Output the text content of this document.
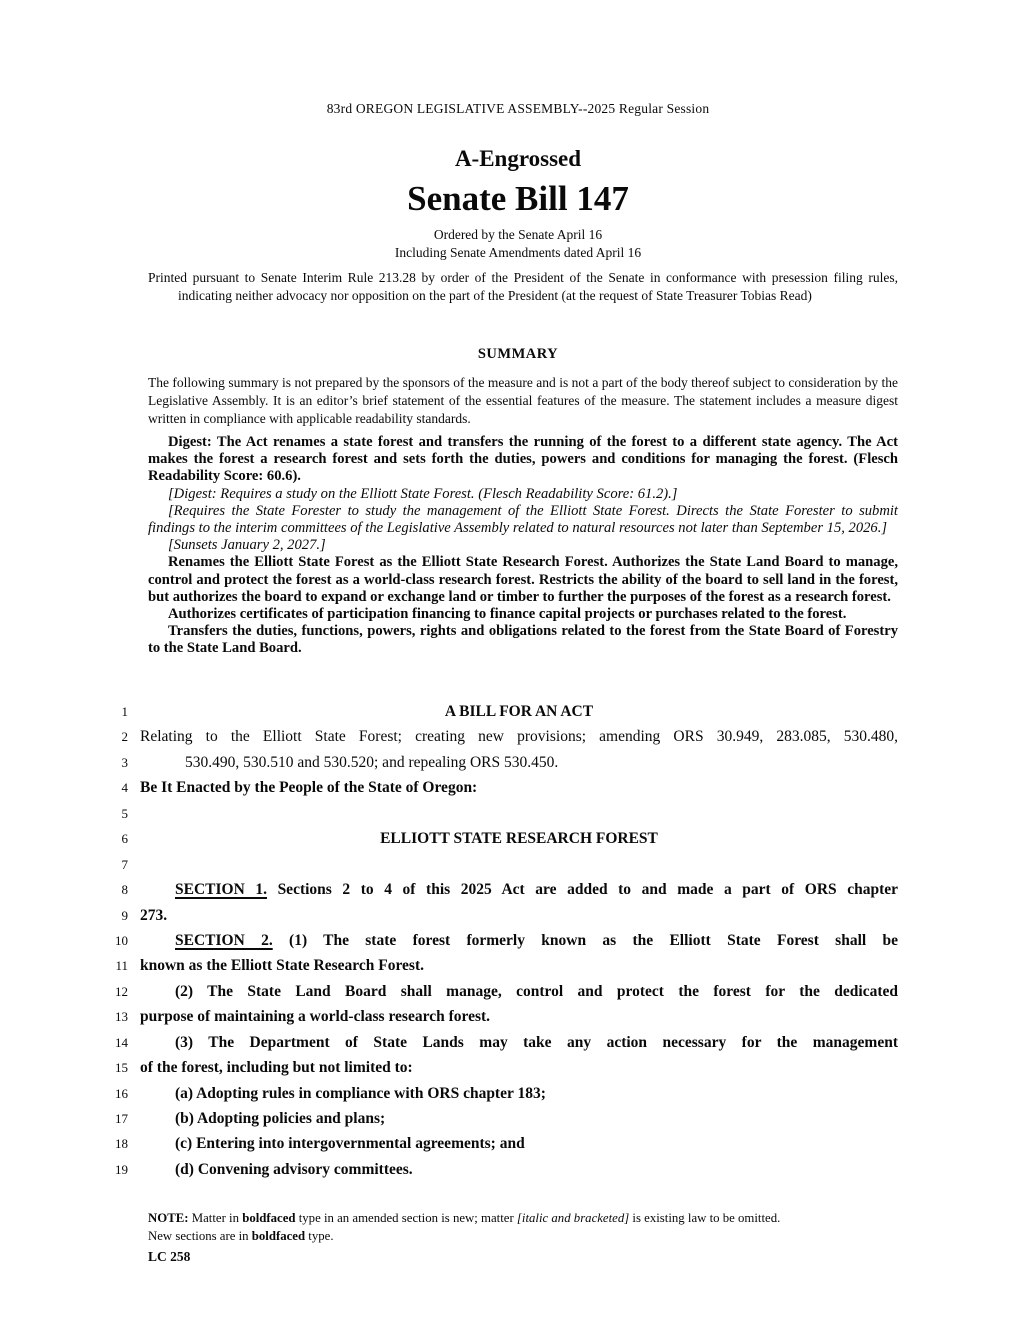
83rd OREGON LEGISLATIVE ASSEMBLY--2025 Regular Session
A-Engrossed
Senate Bill 147
Ordered by the Senate April 16
Including Senate Amendments dated April 16
Printed pursuant to Senate Interim Rule 213.28 by order of the President of the Senate in conformance with presession filing rules, indicating neither advocacy nor opposition on the part of the President (at the request of State Treasurer Tobias Read)
SUMMARY
The following summary is not prepared by the sponsors of the measure and is not a part of the body thereof subject to consideration by the Legislative Assembly. It is an editor’s brief statement of the essential features of the measure. The statement includes a measure digest written in compliance with applicable readability standards.

Digest: The Act renames a state forest and transfers the running of the forest to a different state agency. The Act makes the forest a research forest and sets forth the duties, powers and conditions for managing the forest. (Flesch Readability Score: 60.6).

[Digest: Requires a study on the Elliott State Forest. (Flesch Readability Score: 61.2).]

[Requires the State Forester to study the management of the Elliott State Forest. Directs the State Forester to submit findings to the interim committees of the Legislative Assembly related to natural resources not later than September 15, 2026.]

[Sunsets January 2, 2027.]

Renames the Elliott State Forest as the Elliott State Research Forest. Authorizes the State Land Board to manage, control and protect the forest as a world-class research forest. Restricts the ability of the board to sell land in the forest, but authorizes the board to expand or exchange land or timber to further the purposes of the forest as a research forest.

Authorizes certificates of participation financing to finance capital projects or purchases related to the forest.

Transfers the duties, functions, powers, rights and obligations related to the forest from the State Board of Forestry to the State Land Board.

1	A BILL FOR AN ACT
2 Relating to the Elliott State Forest; creating new provisions; amending ORS 30.949, 283.085, 530.480,
3	530.490, 530.510 and 530.520; and repealing ORS 530.450.
4 Be It Enacted by the People of the State of Oregon:
5
6	ELLIOTT STATE RESEARCH FOREST
7
8	SECTION 1. Sections 2 to 4 of this 2025 Act are added to and made a part of ORS chapter
9 273.
10	SECTION 2. (1) The state forest formerly known as the Elliott State Forest shall be
11 known as the Elliott State Research Forest.
12	(2) The State Land Board shall manage, control and protect the forest for the dedicated
13 purpose of maintaining a world-class research forest.
14	(3) The Department of State Lands may take any action necessary for the management
15 of the forest, including but not limited to:
16	(a) Adopting rules in compliance with ORS chapter 183;
17	(b) Adopting policies and plans;
18	(c) Entering into intergovernmental agreements; and
19	(d) Convening advisory committees.
NOTE: Matter in boldfaced type in an amended section is new; matter [italic and bracketed] is existing law to be omitted.
New sections are in boldfaced type.
LC 258
